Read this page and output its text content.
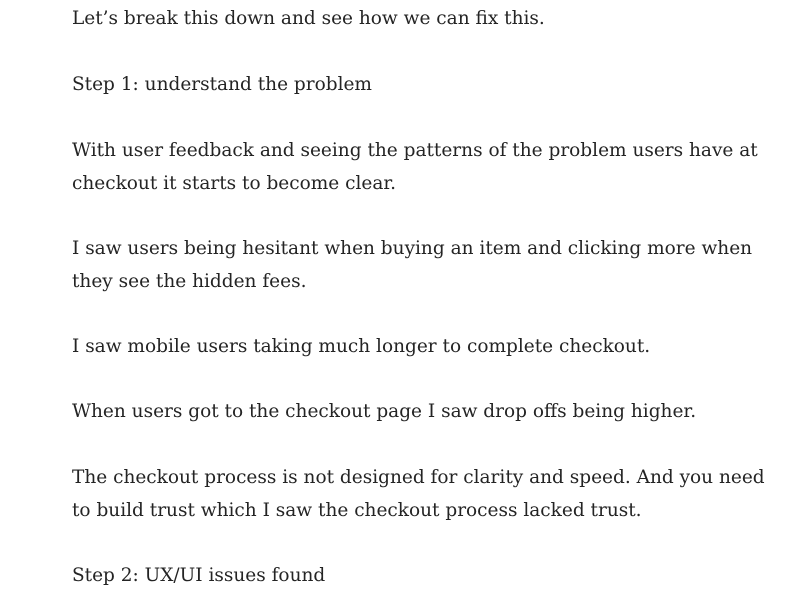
Let’s break this down and see how we can fix this.

Step 1: understand the problem

With user feedback and seeing the patterns of the problem users have at checkout it starts to become clear.

I saw users being hesitant when buying an item and clicking more when they see the hidden fees.

I saw mobile users taking much longer to complete checkout.

When users got to the checkout page I saw drop offs being higher.

The checkout process is not designed for clarity and speed. And you need to build trust which I saw the checkout process lacked trust.

Step 2: UX/UI issues found
